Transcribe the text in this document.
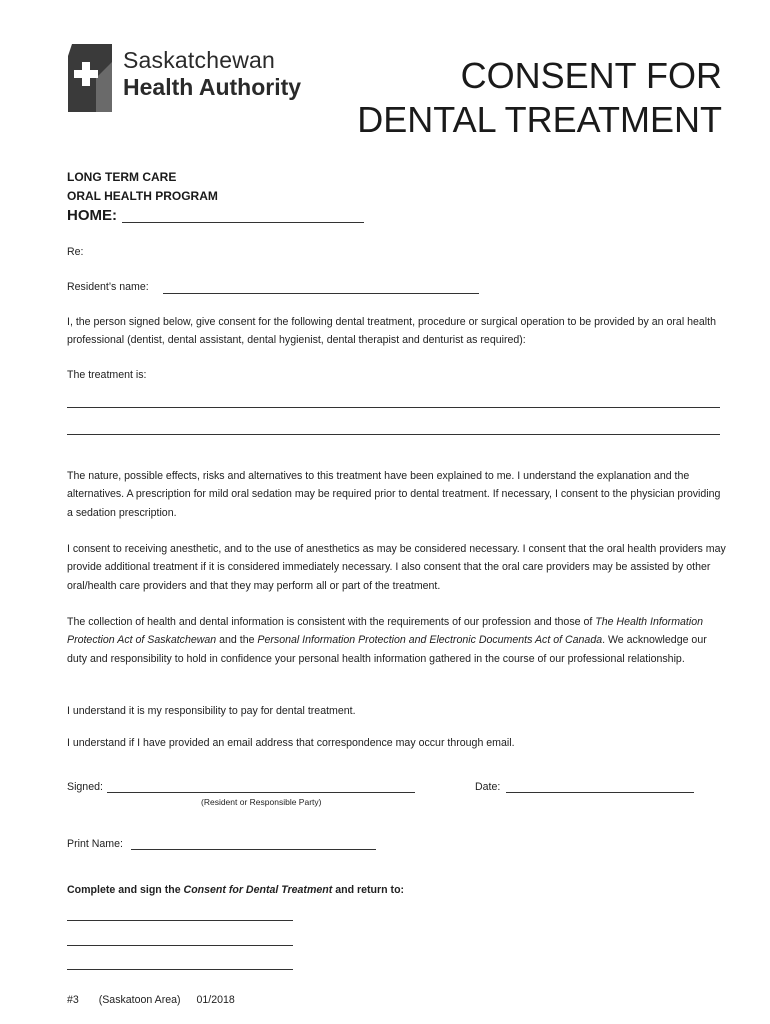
Saskatchewan
Health Authority	CONSENT FOR
DENTAL TREATMENT
LONG TERM CARE
ORAL HEALTH PROGRAM
HOME:
Re:
Resident’s name:
I, the person signed below, give consent for the following dental treatment, procedure or surgical operation to be provided by an oral health professional (dentist, dental assistant, dental hygienist, dental therapist and denturist as required):
The treatment is:
The nature, possible effects, risks and alternatives to this treatment have been explained to me. I understand the explanation and the alternatives. A prescription for mild oral sedation may be required prior to dental treatment. If necessary, I consent to the physician providing a sedation prescription.
I consent to receiving anesthetic, and to the use of anesthetics as may be considered necessary. I consent that the oral health providers may provide additional treatment if it is considered immediately necessary. I also consent that the oral care providers may be assisted by other oral/health care providers and that they may perform all or part of the treatment.
The collection of health and dental information is consistent with the requirements of our profession and those of The Health Information Protection Act of Saskatchewan and the Personal Information Protection and Electronic Documents Act of Canada. We acknowledge our duty and responsibility to hold in confidence your personal health information gathered in the course of our professional relationship.
I understand it is my responsibility to pay for dental treatment.
I understand if I have provided an email address that correspondence may occur through email.
Signed:
(Resident or Responsible Party)
Date:
Print Name:
Complete and sign the Consent for Dental Treatment and return to:
#3 (Saskatoon Area) 01/2018
